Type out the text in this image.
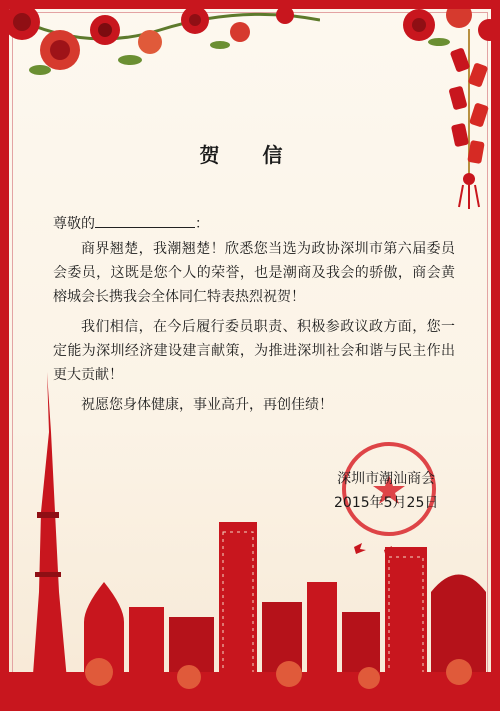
贺 信
尊敬的	：

商界翘楚，我潮翘楚！欣悉您当选为政协深圳市第六届委员会委员，这既是您个人的荣誉，也是潮商及我会的骄傲，商会黄榕城会长携我会全体同仁特表热烈祝贺！

我们相信，在今后履行委员职责、积极参政议政方面，您一定能为深圳经济建设建言献策，为推进深圳社会和谐与民主作出更大贡献！

祝愿您身体健康，事业高升，再创佳绩！

深圳市潮汕商会
2015年5月25日
